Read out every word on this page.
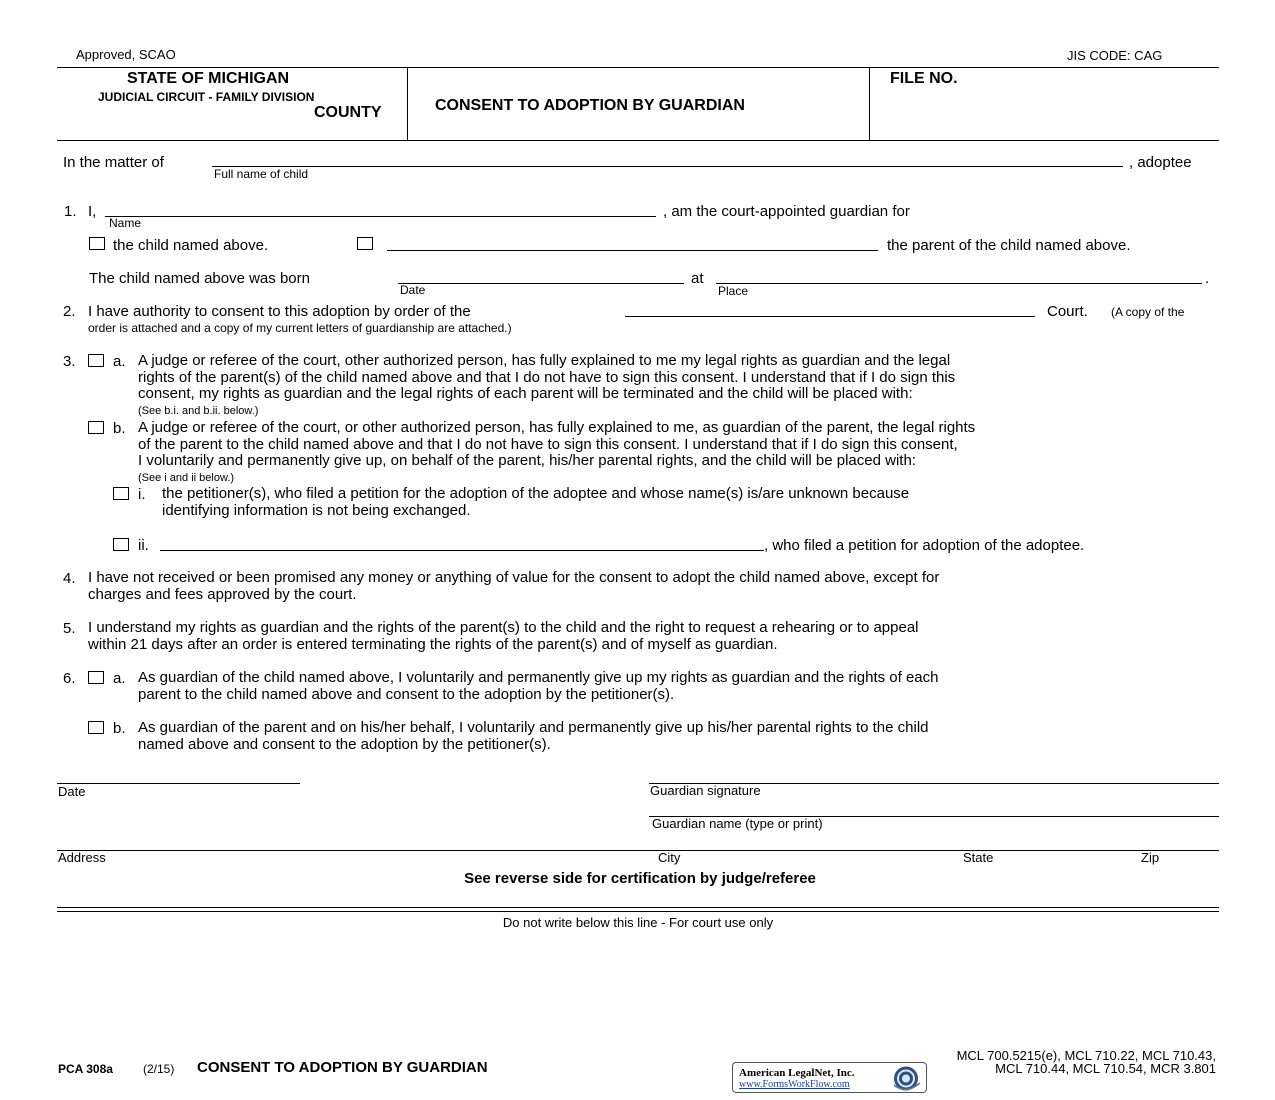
Approved, SCAO	JIS CODE: CAG
STATE OF MICHIGAN
JUDICIAL CIRCUIT - FAMILY DIVISION
COUNTY	CONSENT TO ADOPTION BY GUARDIAN
FILE NO.
In the matter of
Full name of child
, adoptee
1. I,
Name
, am the court-appointed guardian for
the child named above.	the parent of the child named above.
The child named above was born
Date
at
Place
.
2. I have authority to consent to this adoption by order of the	Court. (A copy of the
order is attached and a copy of my current letters of guardianship are attached.)
3. a. A judge or referee of the court, other authorized person, has fully explained to me my legal rights as guardian and the legal
rights of the parent(s) of the child named above and that I do not have to sign this consent. I understand that if I do sign this
consent, my rights as guardian and the legal rights of each parent will be terminated and the child will be placed with:
(See b.i. and b.ii. below.)
b. A judge or referee of the court, or other authorized person, has fully explained to me, as guardian of the parent, the legal rights
of the parent to the child named above and that I do not have to sign this consent. I understand that if I do sign this consent,
I voluntarily and permanently give up, on behalf of the parent, his/her parental rights, and the child will be placed with:
(See i and ii below.)
i. the petitioner(s), who filed a petition for the adoption of the adoptee and whose name(s) is/are unknown because
identifying information is not being exchanged.
ii.	, who filed a petition for adoption of the adoptee.
4. I have not received or been promised any money or anything of value for the consent to adopt the child named above, except for
charges and fees approved by the court.
5. I understand my rights as guardian and the rights of the parent(s) to the child and the right to request a rehearing or to appeal
within 21 days after an order is entered terminating the rights of the parent(s) and of myself as guardian.
6. a. As guardian of the child named above, I voluntarily and permanently give up my rights as guardian and the rights of each
parent to the child named above and consent to the adoption by the petitioner(s).
b. As guardian of the parent and on his/her behalf, I voluntarily and permanently give up his/her parental rights to the child
named above and consent to the adoption by the petitioner(s).
Date	Guardian signature
Guardian name (type or print)
Address	City	State	Zip
See reverse side for certification by judge/referee
Do not write below this line - For court use only
PCA 308a	(2/15) CONSENT TO ADOPTION BY GUARDIAN
MCL 700.5215(e), MCL 710.22, MCL 710.43,
MCL 710.44, MCL 710.54, MCR 3.801
American LegalNet, Inc.
www.FormsWorkFlow.com
